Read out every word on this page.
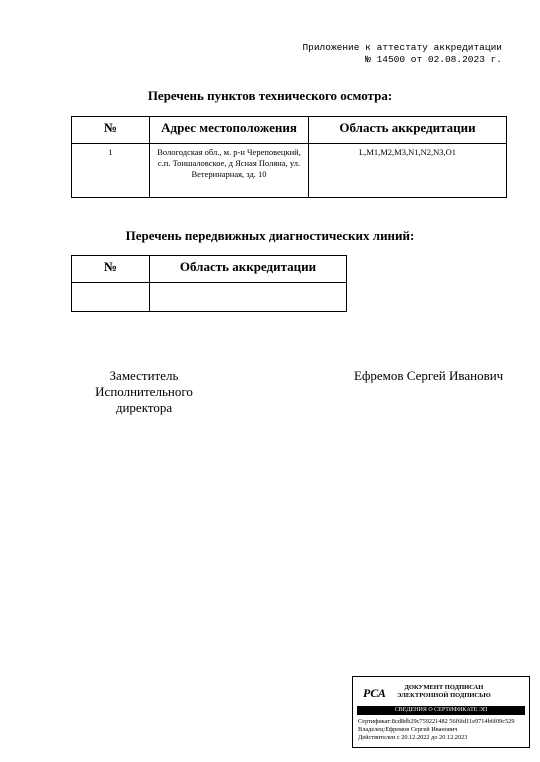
Приложение к аттестату аккредитации
№ 14500 от 02.08.2023 г.
Перечень пунктов технического осмотра:
№	Адрес местоположения	Область аккредитации
1	Вологодская обл., м. р-н Череповецкий, с.п. Тоншаловское, д Ясная Поляна, ул. Ветеринарная, зд. 10	L,M1,M2,M3,N1,N2,N3,O1
Перечень передвижных диагностических линий:
№	Область аккредитации

Заместитель
Исполнительного
директора
Ефремов Сергей Иванович
РСА	ДОКУМЕНТ ПОДПИСАН
ЭЛЕКТРОННОЙ ПОДПИСЬЮ
СВЕДЕНИЯ О СЕРТИФИКАТЕ ЭП
Сертификат:8cd8db29c759221482 56f6fd11e9714b6f09c529
Владелец:Ефремов Сергей Иванович
Действителен с 20.12.2022 до 20.12.2023
